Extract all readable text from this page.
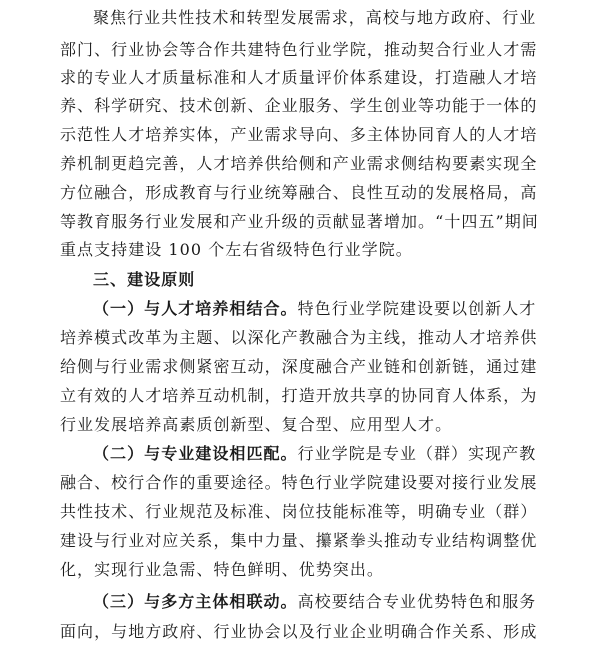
聚焦行业共性技术和转型发展需求，高校与地方政府、行业
部门、行业协会等合作共建特色行业学院，推动契合行业人才需
求的专业人才质量标准和人才质量评价体系建设，打造融人才培
养、科学研究、技术创新、企业服务、学生创业等功能于一体的
示范性人才培养实体，产业需求导向、多主体协同育人的人才培
养机制更趋完善，人才培养供给侧和产业需求侧结构要素实现全
方位融合，形成教育与行业统筹融合、良性互动的发展格局，高
等教育服务行业发展和产业升级的贡献显著增加。“十四五”期间
重点支持建设 100 个左右省级特色行业学院。
三、建设原则
（一）与人才培养相结合。特色行业学院建设要以创新人才
培养模式改革为主题、以深化产教融合为主线，推动人才培养供
给侧与行业需求侧紧密互动，深度融合产业链和创新链，通过建
立有效的人才培养互动机制，打造开放共享的协同育人体系，为
行业发展培养高素质创新型、复合型、应用型人才。
（二）与专业建设相匹配。行业学院是专业（群）实现产教
融合、校行合作的重要途径。特色行业学院建设要对接行业发展
共性技术、行业规范及标准、岗位技能标准等，明确专业（群）
建设与行业对应关系，集中力量、攥紧拳头推动专业结构调整优
化，实现行业急需、特色鲜明、优势突出。
（三）与多方主体相联动。高校要结合专业优势特色和服务
面向，与地方政府、行业协会以及行业企业明确合作关系、形成
